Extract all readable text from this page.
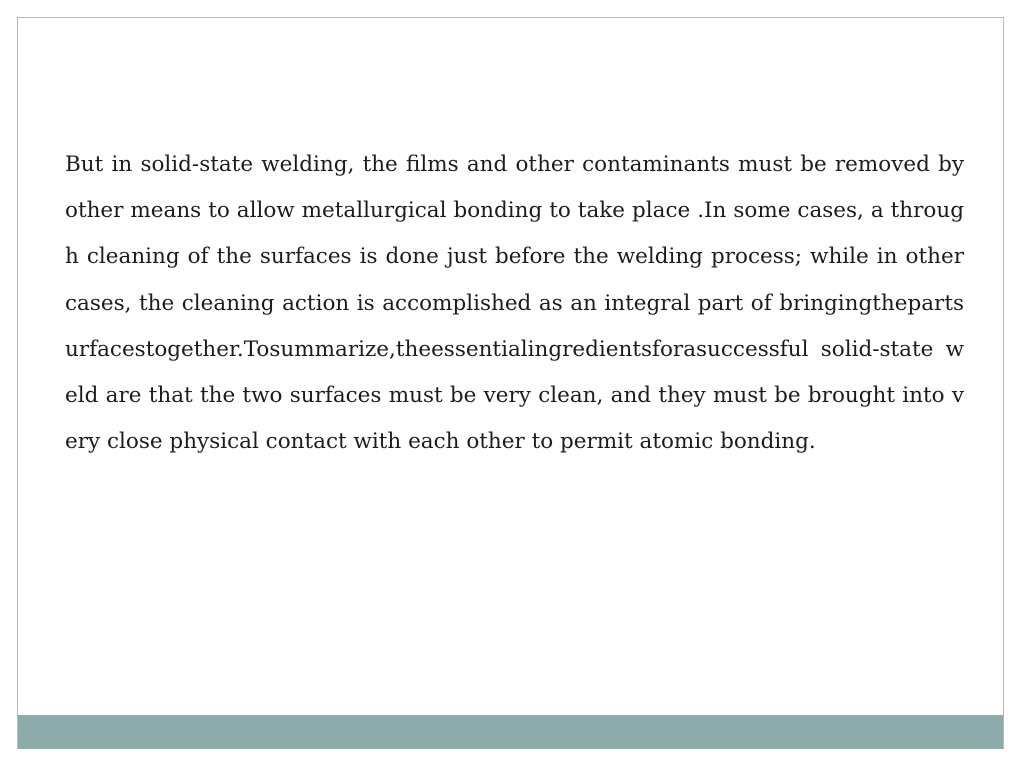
But in solid-state welding, the films and other contaminants must be removed by other means to allow metallurgical bonding to take place .In some cases, a through cleaning of the surfaces is done just before the welding process; while in other cases, the cleaning action is accomplished as an integral part of bringingthepartsurfacestogether.Tosummarize,theessentialingredientsforasuccessful solid-state weld are that the two surfaces must be very clean, and they must be brought into very close physical contact with each other to permit atomic bonding.
